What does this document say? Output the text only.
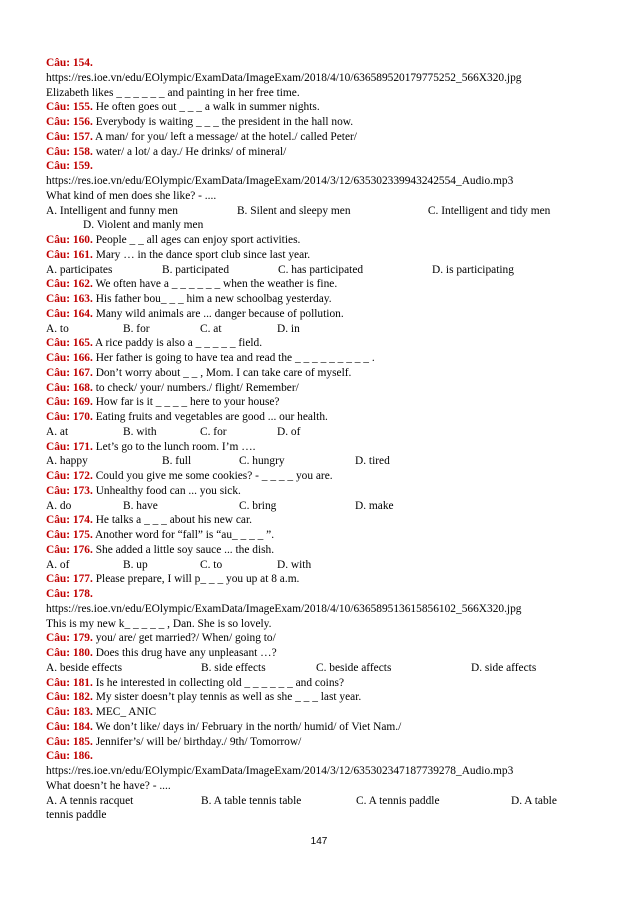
Câu: 154.
https://res.ioe.vn/edu/EOlympic/ExamData/ImageExam/2018/4/10/636589520179775252_566X320.jpg
Elizabeth likes _ _ _ _ _ _ and painting in her free time.
Câu: 155. He often goes out _ _ _ a walk in summer nights.
Câu: 156. Everybody is waiting _ _ _ the president in the hall now.
Câu: 157. A man/ for you/ left a message/ at the hotel./ called Peter/
Câu: 158. water/ a lot/ a day./ He drinks/ of mineral/
Câu: 159.
https://res.ioe.vn/edu/EOlympic/ExamData/ImageExam/2014/3/12/635302339943242554_Audio.mp3
What kind of men does she like? - ....
A. Intelligent and funny men	B. Silent and sleepy men	C. Intelligent and tidy men
D. Violent and manly men
Câu: 160. People _ _ all ages can enjoy sport activities.
Câu: 161. Mary … in the dance sport club since last year.
A. participates	B. participated	C. has participated	D. is participating
Câu: 162. We often have a _ _ _ _ _ _ when the weather is fine.
Câu: 163. His father bou_ _ _ him a new schoolbag yesterday.
Câu: 164. Many wild animals are ... danger because of pollution.
A. to	B. for	C. at	D. in
Câu: 165. A rice paddy is also a _ _ _ _ _ field.
Câu: 166. Her father is going to have tea and read the _ _ _ _ _ _ _ _ _ .
Câu: 167. Don’t worry about _ _ , Mom. I can take care of myself.
Câu: 168. to check/ your/ numbers./ flight/ Remember/
Câu: 169. How far is it _ _ _ _ here to your house?
Câu: 170. Eating fruits and vegetables are good ... our health.
A. at	B. with	C. for	D. of
Câu: 171. Let’s go to the lunch room. I’m ….
A. happy	B. full	C. hungry	D. tired
Câu: 172. Could you give me some cookies? - _ _ _ _ you are.
Câu: 173. Unhealthy food can ... you sick.
A. do	B. have	C. bring	D. make
Câu: 174. He talks a _ _ _ about his new car.
Câu: 175. Another word for “fall” is “au_ _ _ _ ”.
Câu: 176. She added a little soy sauce ... the dish.
A. of	B. up	C. to	D. with
Câu: 177. Please prepare, I will p_ _ _ you up at 8 a.m.
Câu: 178.
https://res.ioe.vn/edu/EOlympic/ExamData/ImageExam/2018/4/10/636589513615856102_566X320.jpg
This is my new k_ _ _ _ _ , Dan. She is so lovely.
Câu: 179. you/ are/ get married?/ When/ going to/
Câu: 180. Does this drug have any unpleasant …?
A. beside effects	B. side effects	C. beside affects	D. side affects
Câu: 181. Is he interested in collecting old _ _ _ _ _ _ and coins?
Câu: 182. My sister doesn’t play tennis as well as she _ _ _ last year.
Câu: 183. MEC_ ANIC
Câu: 184. We don’t like/ days in/ February in the north/ humid/ of Viet Nam./
Câu: 185. Jennifer’s/ will be/ birthday./ 9th/ Tomorrow/
Câu: 186.
https://res.ioe.vn/edu/EOlympic/ExamData/ImageExam/2014/3/12/635302347187739278_Audio.mp3
What doesn’t he have? - ....
A. A tennis racquet	B. A table tennis table	C. A tennis paddle	D. A table
tennis paddle
147
